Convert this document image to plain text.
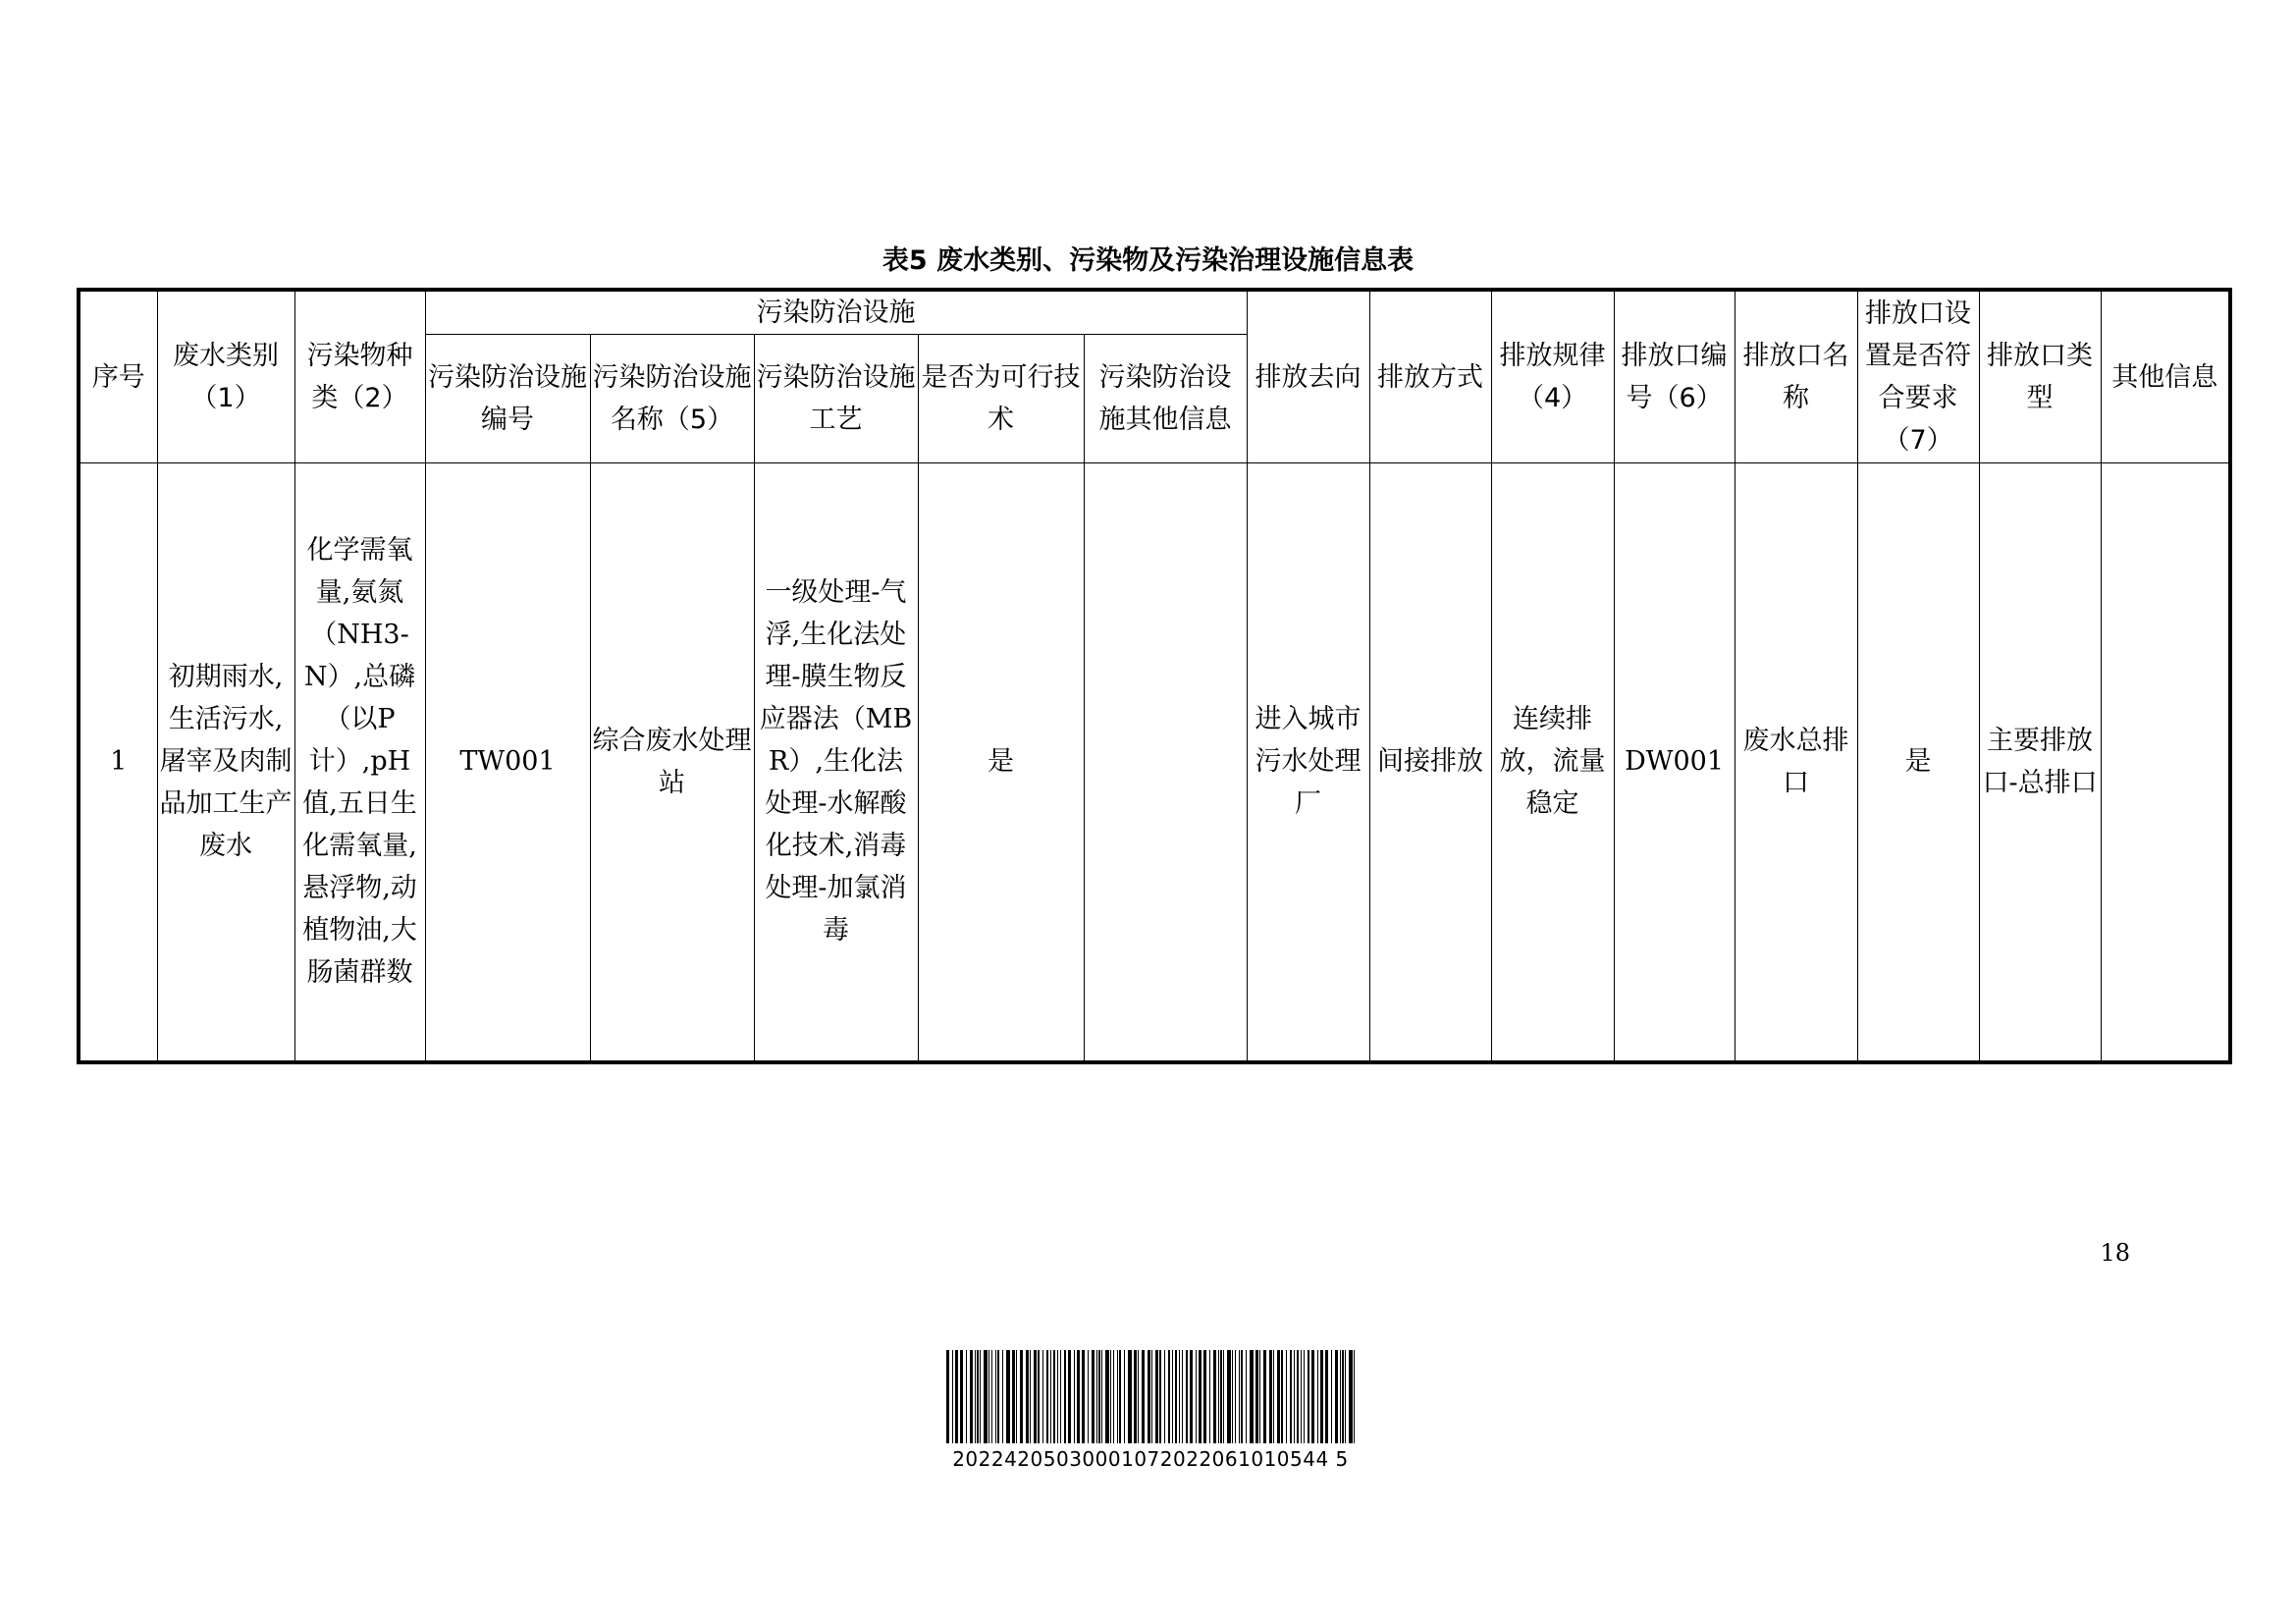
表5 废水类别、污染物及污染治理设施信息表
序号	废水类别（1）	污染物种类（2）	污染防治设施					排放去向	排放方式	排放规律（4）	排放口编号（6）	排放口名称	排放口设置是否符合要求（7）	排放口类型	其他信息
			污染防治设施编号	污染防治设施名称（5）	污染防治设施工艺	是否为可行技术	污染防治设施其他信息								
1	初期雨水,生活污水,屠宰及肉制品加工生产废水	化学需氧量,氨氮（NH3-N）,总磷（以P计）,pH值,五日生化需氧量,悬浮物,动植物油,大肠菌群数	TW001	综合废水处理站	一级处理-气浮,生化法处理-膜生物反应器法（MBR）,生化法处理-水解酸化技术,消毒处理-加氯消毒	是		进入城市污水处理厂	间接排放	连续排放，流量稳定	DW001	废水总排口	是	主要排放口-总排口	
18
20224205030001072022061010544 5
